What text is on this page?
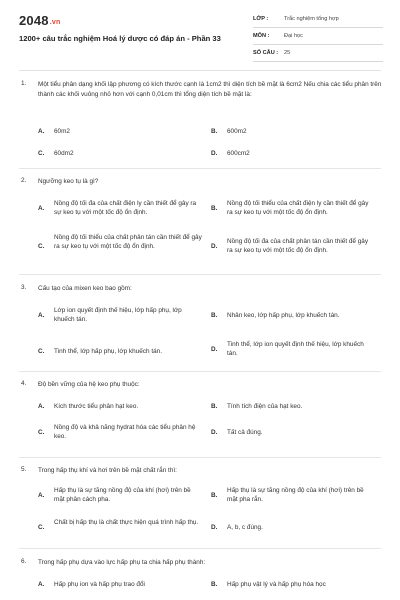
2048.vn
1200+ câu trắc nghiệm Hoá lý dược có đáp án - Phần 33
LỚP :	Trắc nghiệm tổng hợp
MÔN :	Đại học
SỐ CÂU : 25
1. Một tiểu phân dạng khối lập phương có kích thước cạnh là 1cm2 thì diện tích bề mặt là 6cm2 Nếu chia các tiểu phân trên thành các khối vuông nhỏ hơn với cạnh 0,01cm thì tổng diện tích bề mặt là:
A. 60m2	B. 600m2
C. 60dm2	D. 600cm2
2. Ngưỡng keo tụ là gì?
A.
Nồng độ tối đa của chất điện ly cần thiết để gây ra sự keo tụ với một tốc độ ổn định.
B.
Nồng độ tối thiểu của chất điện ly cần thiết để gây ra sự keo tụ với một tốc độ ổn định.
C.
Nồng độ tối thiểu của chất phân tán cần thiết để gây ra sự keo tụ với một tốc độ ổn định.	D.
Nồng độ tối đa của chất phân tán cần thiết để gây ra sự keo tụ với một tốc độ ổn định.
3. Cấu tạo của mixen keo bao gồm:
A.
Lớp ion quyết định thế hiệu, lớp hấp phụ, lớp khuếch tán.
B. Nhân keo, lớp hấp phụ, lớp khuếch tán.
C. Tinh thể, lớp hấp phụ, lớp khuếch tán.	D.
Tinh thể, lớp ion quyết định thế hiệu, lớp khuếch tán.
4. Độ bền vững của hệ keo phụ thuộc:
A. Kích thước tiểu phân hạt keo.	B. Tính tích điện của hạt keo.
C.
Nồng độ và khả năng hydrat hóa các tiểu phân hệ keo.
D. Tất cả đúng.
5. Trong hấp thụ khí và hơi trên bề mặt chất rắn thì:
A.
Hấp thụ là sự tăng nồng độ của khí (hơi) trên bề mặt phân cách pha.
B.
Hấp thụ là sự tăng nồng độ của khí (hơi) trên bề mặt pha rắn.
C.
Chất bị hấp thụ là chất thực hiện quá trình hấp thụ.
D. A, b, c đúng.
6. Trong hấp phụ dựa vào lực hấp phụ ta chia hấp phụ thành:
A. Hấp phụ ion và hấp phụ trao đổi	B. Hấp phụ vật lý và hấp phụ hóa học
